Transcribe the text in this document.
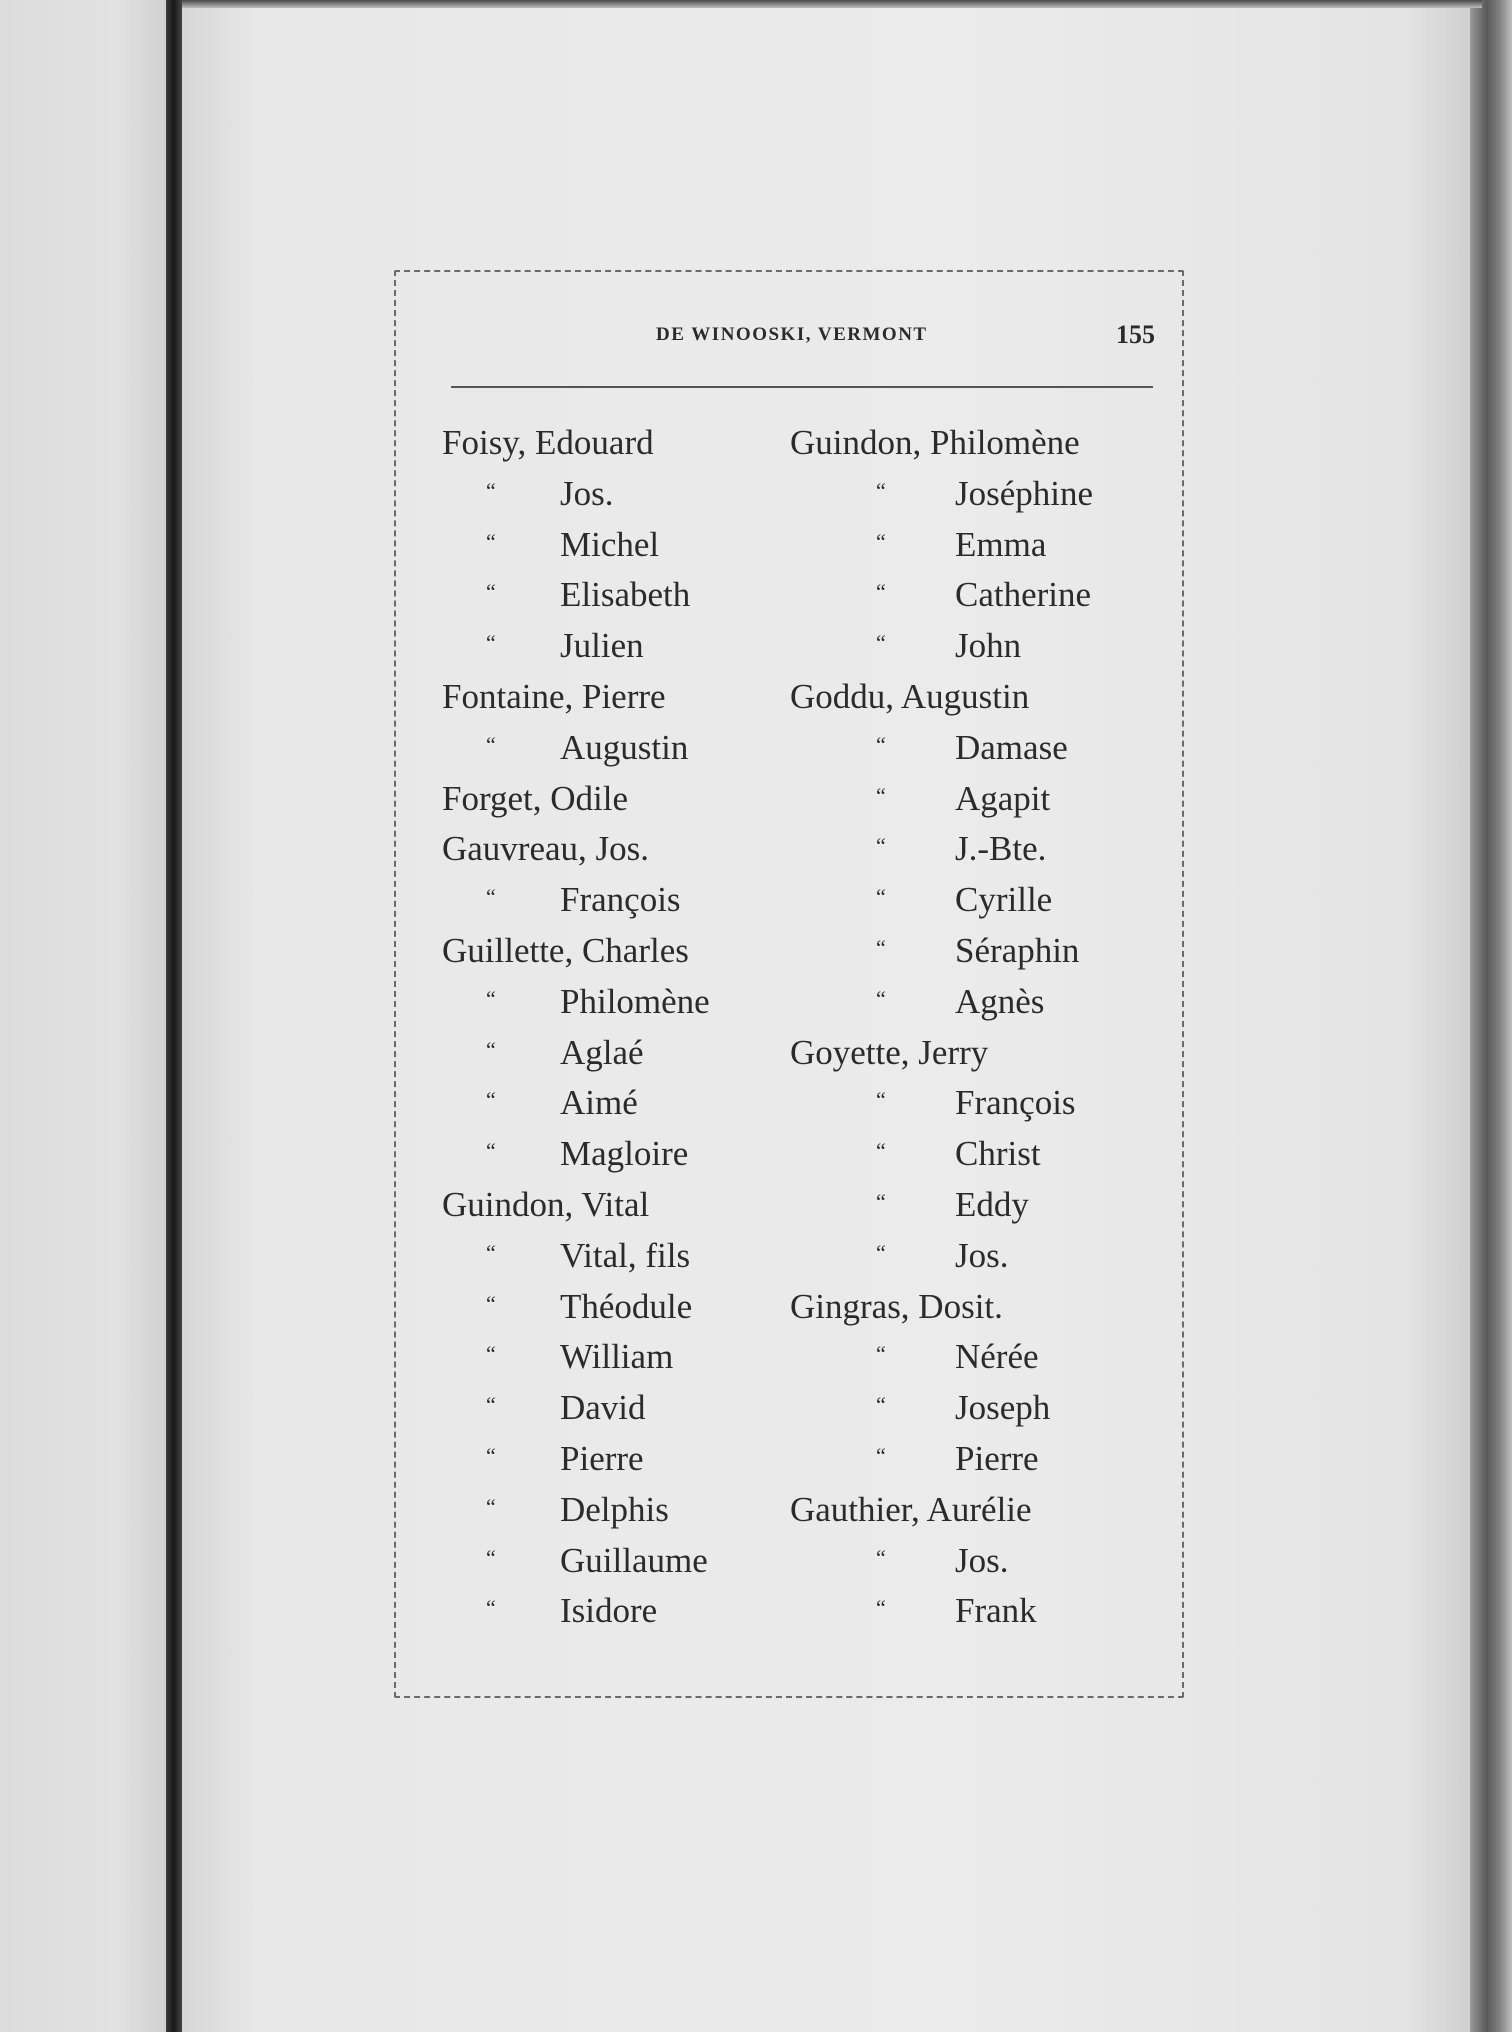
DE WINOOSKI, VERMONT	155
Foisy, Edouard
“	Jos.
“	Michel
“	Elisabeth
“	Julien
Fontaine, Pierre
“	Augustin
Forget, Odile
Gauvreau, Jos.
“	François
Guillette, Charles
“	Philomène
“	Aglaé
“	Aimé
“	Magloire
Guindon, Vital
“	Vital, fils
“	Théodule
“	William
“	David
“	Pierre
“	Delphis
“	Guillaume
“	Isidore
Guindon, Philomène
“	Joséphine
“	Emma
“	Catherine
“	John
Goddu, Augustin
“	Damase
“	Agapit
“	J.-Bte.
“	Cyrille
“	Séraphin
“	Agnès
Goyette, Jerry
“	François
“	Christ
“	Eddy
“	Jos.
Gingras, Dosit.
“	Nérée
“	Joseph
“	Pierre
Gauthier, Aurélie
“	Jos.
“	Frank
